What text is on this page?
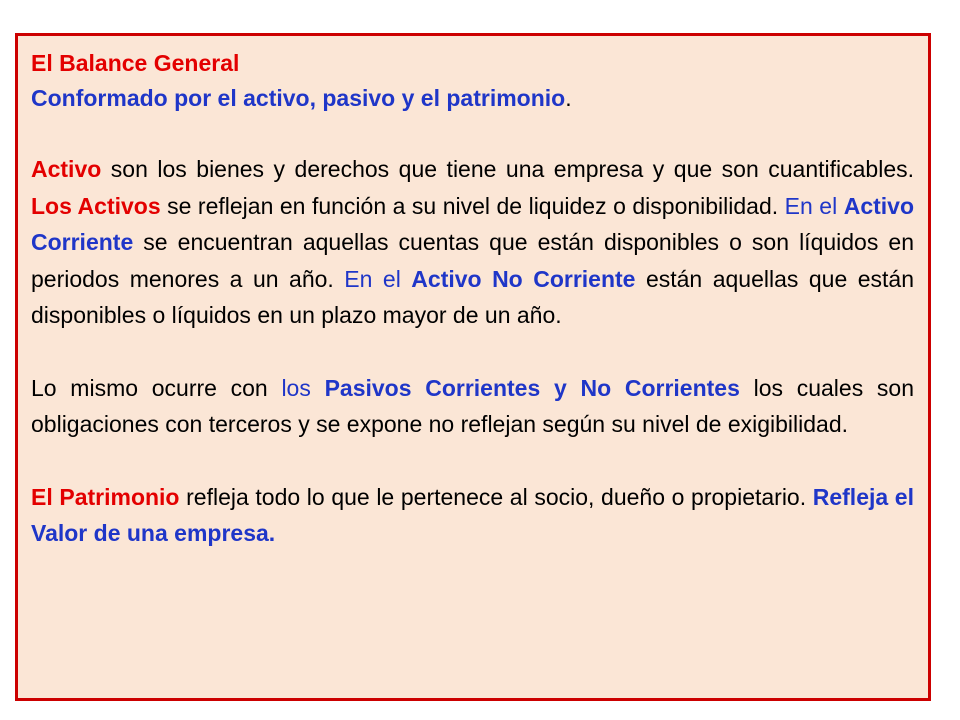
El Balance General

Conformado por el activo, pasivo y el patrimonio.

Activo son los bienes y derechos que tiene una empresa y que son cuantificables. Los Activos se reflejan en función a su nivel de liquidez o disponibilidad. En el Activo Corriente se encuentran aquellas cuentas que están disponibles o son líquidos en periodos menores a un año. En el Activo No Corriente están aquellas que están disponibles o líquidos en un plazo mayor de un año.

Lo mismo ocurre con los Pasivos Corrientes y No Corrientes los cuales son obligaciones con terceros y se expone no reflejan según su nivel de exigibilidad.

El Patrimonio refleja todo lo que le pertenece al socio, dueño o propietario. Refleja el Valor de una empresa.
